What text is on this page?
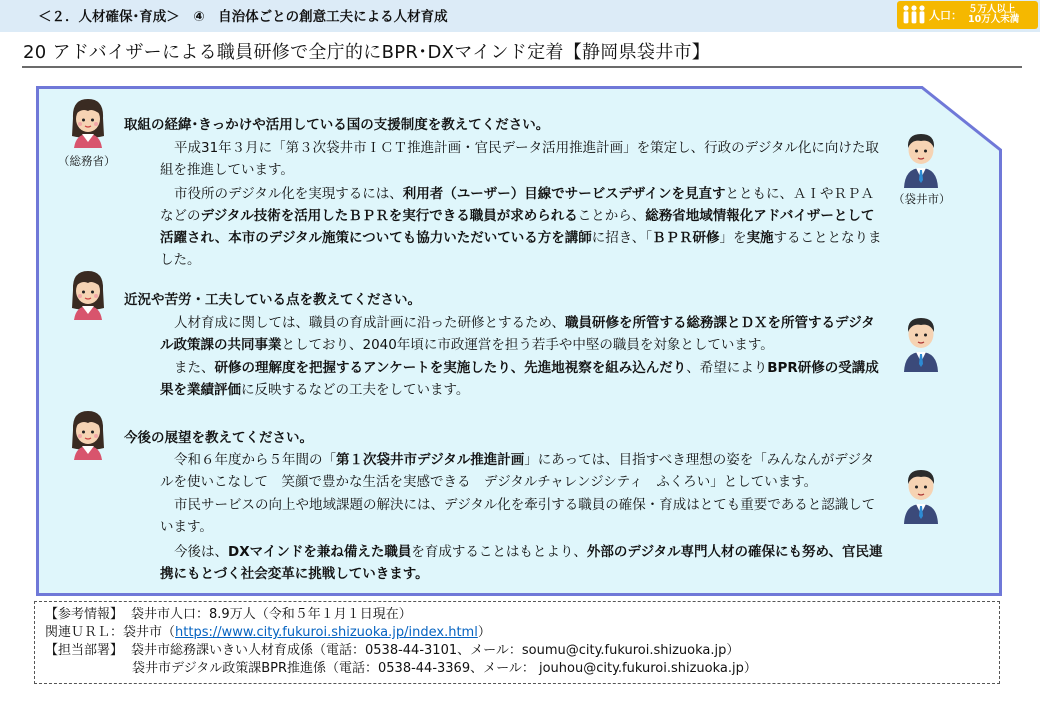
＜２．人材確保･育成＞　④　自治体ごとの創意工夫による人材育成	人口： ５万人以上
10万人未満
20 アドバイザーによる職員研修で全庁的にBPR･DXマインド定着【静岡県袋井市】
（総務省）
（袋井市）
取組の経緯･きっかけや活用している国の支援制度を教えてください。
近況や苦労・工夫している点を教えてください。
今後の展望を教えてください。
平成31年３月に「第３次袋井市ＩＣＴ推進計画・官民データ活用推進計画」を策定し、行政のデジタル化に向けた取組を推進しています。
市役所のデジタル化を実現するには、利用者（ユーザー）目線でサービスデザインを見直すとともに、ＡＩやＲＰＡなどのデジタル技術を活用したＢＰＲを実行できる職員が求められることから、総務省地域情報化アドバイザーとして活躍され、本市のデジタル施策についても協力いただいている方を講師に招き、「ＢＰＲ研修」を実施することとなりました。
人材育成に関しては、職員の育成計画に沿った研修とするため、職員研修を所管する総務課とＤＸを所管するデジタル政策課の共同事業としており、2040年頃に市政運営を担う若手や中堅の職員を対象としています。
また、研修の理解度を把握するアンケートを実施したり、先進地視察を組み込んだり、希望によりBPR研修の受講成果を業績評価に反映するなどの工夫をしています。
令和６年度から５年間の「第１次袋井市デジタル推進計画」にあっては、目指すべき理想の姿を「みんなんがデジタルを使いこなして　笑顔で豊かな生活を実感できる　デジタルチャレンジシティ　ふくろい」としています。
市民サービスの向上や地域課題の解決には、デジタル化を牽引する職員の確保・育成はとても重要であると認識しています。
今後は、DXマインドを兼ね備えた職員を育成することはもとより、外部のデジタル専門人材の確保にも努め、官民連携にもとづく社会変革に挑戦していきます。
【参考情報】 袋井市人口：8.9万人（令和５年１月１日現在）
関連ＵＲＬ：袋井市（https://www.city.fukuroi.shizuoka.jp/index.html）
【担当部署】 袋井市総務課いきい人材育成係（電話：0538-44-3101、メール：soumu@city.fukuroi.shizuoka.jp）
袋井市デジタル政策課BPR推進係（電話：0538-44-3369、メール： jouhou@city.fukuroi.shizuoka.jp）
